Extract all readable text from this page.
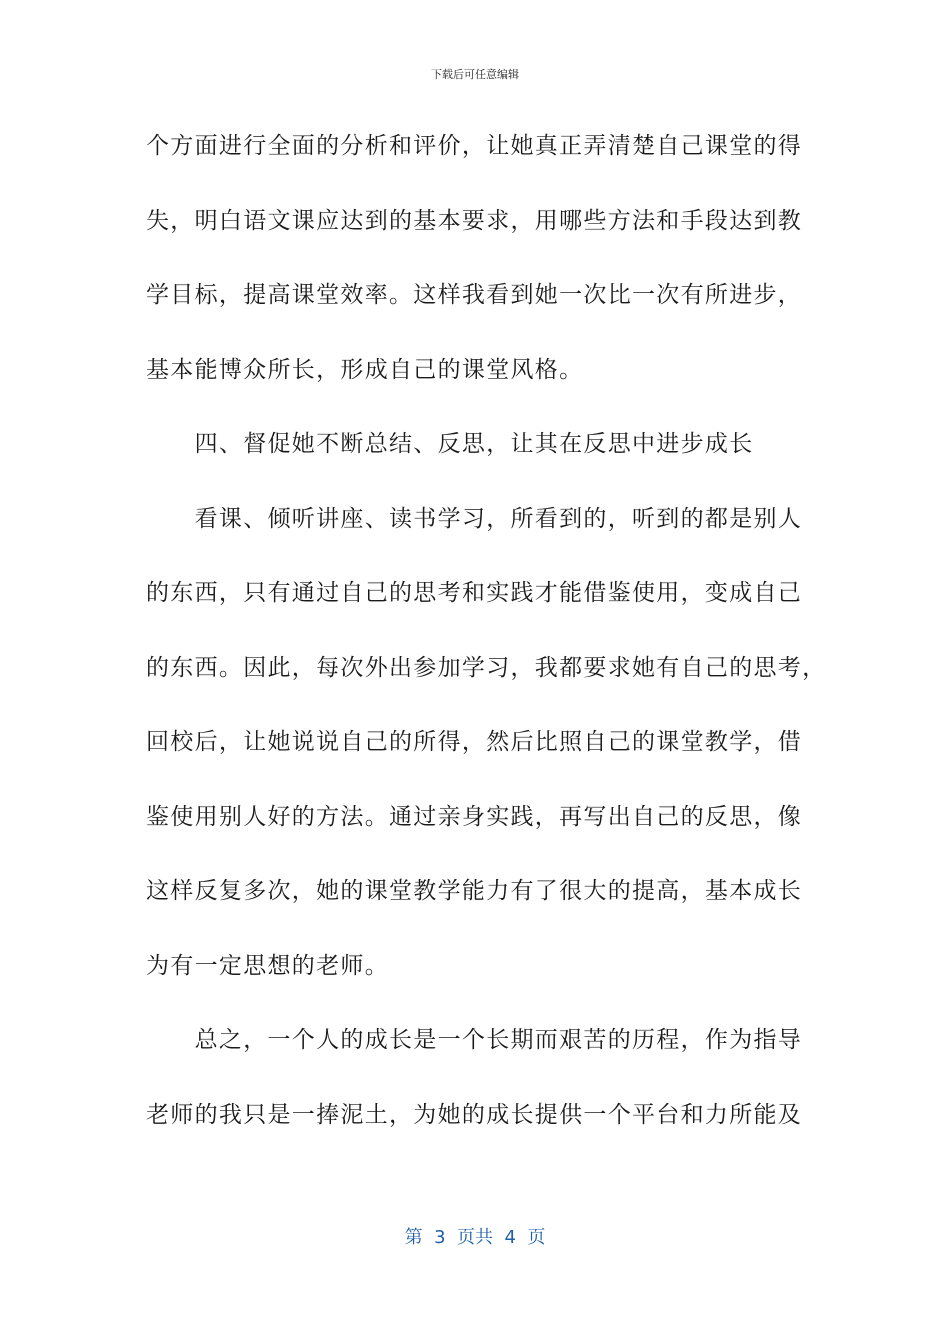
下载后可任意编辑
个方面进行全面的分析和评价，让她真正弄清楚自己课堂的得
失，明白语文课应达到的基本要求，用哪些方法和手段达到教
学目标，提高课堂效率。这样我看到她一次比一次有所进步，
基本能博众所长，形成自己的课堂风格。
　　四、督促她不断总结、反思，让其在反思中进步成长
　　看课、倾听讲座、读书学习，所看到的，听到的都是别人
的东西，只有通过自己的思考和实践才能借鉴使用，变成自己
的东西。因此，每次外出参加学习，我都要求她有自己的思考，
回校后，让她说说自己的所得，然后比照自己的课堂教学，借
鉴使用别人好的方法。通过亲身实践，再写出自己的反思，像
这样反复多次，她的课堂教学能力有了很大的提高，基本成长
为有一定思想的老师。
　　总之，一个人的成长是一个长期而艰苦的历程，作为指导
老师的我只是一捧泥土，为她的成长提供一个平台和力所能及
第  3  页共  4  页
